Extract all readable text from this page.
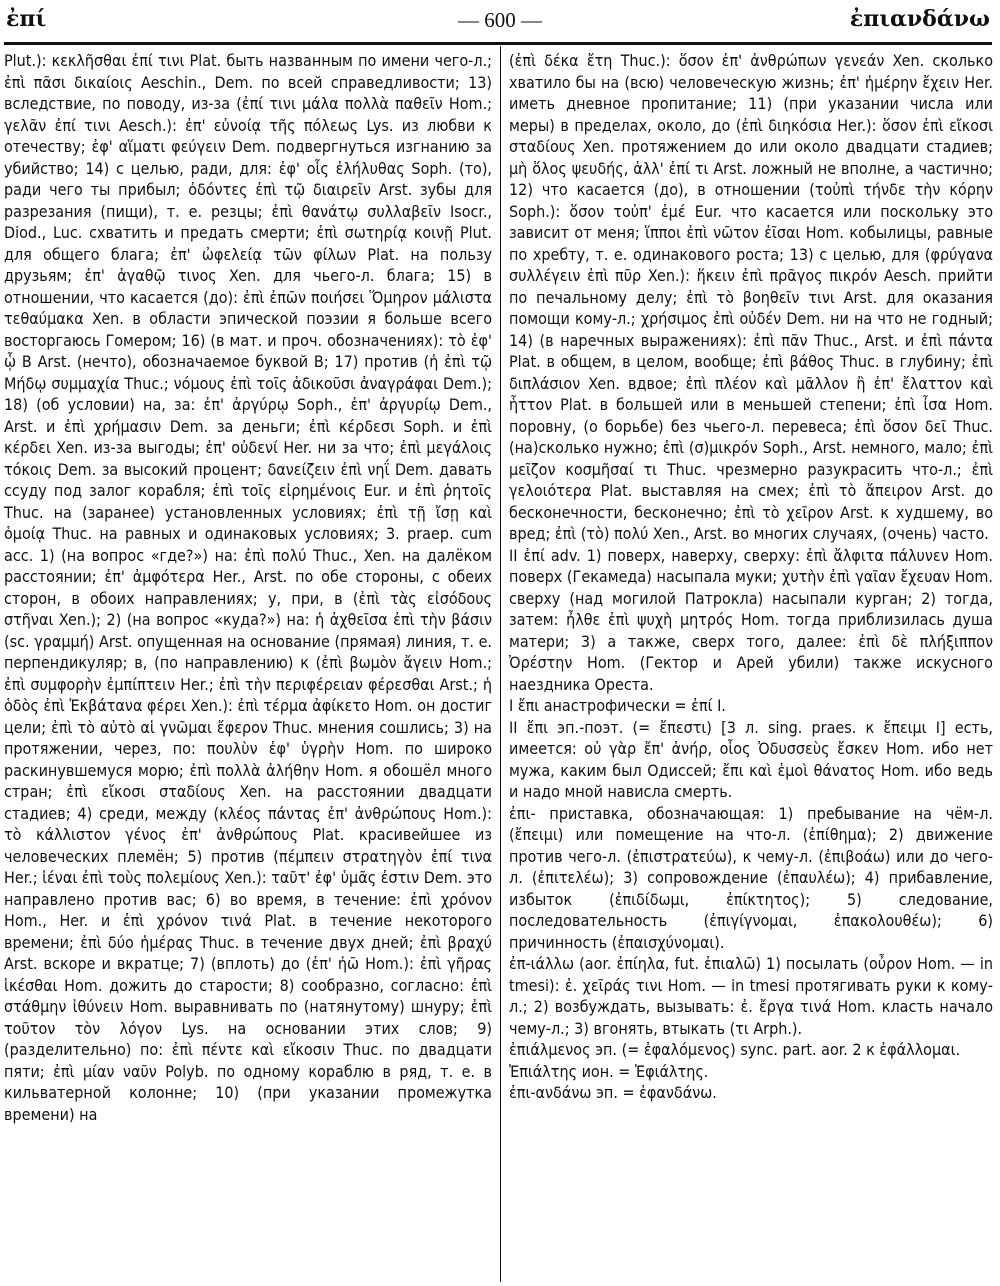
ἐπί	— 600 —	ἐπιανδάνω

Plut.): κεκλῆσθαι ἐπί τινι Plat. быть названным по имени чего-л.; ἐπὶ πᾶσι δικαίοις Aeschin., Dem. по всей справедливости; 13) вследствие, по поводу, из-за (ἐπί τινι μάλα πολλὰ παθεῖν Hom.; γελᾶν ἐπί τινι Aesch.): ἐπ' εὐνοίᾳ τῆς πόλεως Lys. из любви к отечеству; ἐφ' αἵματι φεύγειν Dem. подвергнуться изгнанию за убийство; 14) с целью, ради, для: ἐφ' οἷς ἐλήλυθας Soph. (то), ради чего ты прибыл; ὀδόντες ἐπὶ τῷ διαιρεῖν Arst. зубы для разрезания (пищи), т. е. резцы; ἐπὶ θανάτῳ συλλαβεῖν Isocr., Diod., Luc. схватить и предать смерти; ἐπὶ σωτηρίᾳ κοινῇ Plut. для общего блага; ἐπ' ὠφελείᾳ τῶν φίλων Plat. на пользу друзьям; ἐπ' ἀγαθῷ τινος Xen. для чьего-л. блага; 15) в отношении, что касается (до): ἐπὶ ἐπῶν ποιήσει Ὅμηρον μάλιστα τεθαύμακα Xen. в области эпической поэзии я больше всего восторгаюсь Гомером; 16) (в мат. и проч. обозначениях): τὸ ἐφ' ᾧ Β Arst. (нечто), обозначаемое буквой В; 17) против (ἡ ἐπὶ τῷ Μήδῳ συμμαχία Thuc.; νόμους ἐπὶ τοῖς ἀδικοῦσι ἀναγράφαι Dem.); 18) (об условии) на, за: ἐπ' ἀργύρῳ Soph., ἐπ' ἀργυρίῳ Dem., Arst. и ἐπὶ χρήμασιν Dem. за деньги; ἐπὶ κέρδεσι Soph. и ἐπὶ κέρδει Xen. из-за выгоды; ἐπ' οὐδενί Her. ни за что; ἐπὶ μεγάλοις τόκοις Dem. за высокий процент; δανείζειν ἐπὶ νηΐ Dem. давать ссуду под залог корабля; ἐπὶ τοῖς εἰρημένοις Eur. и ἐπὶ ῥητοῖς Thuc. на (заранее) установленных условиях; ἐπὶ τῇ ἴσῃ καὶ ὁμοίᾳ Thuc. на равных и одинаковых условиях; 3. praep. cum acc. 1) (на вопрос «где?») на: ἐπὶ πολύ Thuc., Xen. на далёком расстоянии; ἐπ' ἀμφότερα Her., Arst. по обе стороны, с обеих сторон, в обоих направлениях; у, при, в (ἐπὶ τὰς εἰσόδους στῆναι Xen.); 2) (на вопрос «куда?») на: ἡ ἀχθεῖσα ἐπὶ τὴν βάσιν (sc. γραμμή) Arst. опущенная на основание (прямая) линия, т. е. перпендикуляр; в, (по направлению) к (ἐπὶ βωμὸν ἄγειν Hom.; ἐπὶ συμφορὴν ἐμπίπτειν Her.; ἐπὶ τὴν περιφέρειαν φέρεσθαι Arst.; ἡ ὁδὸς ἐπὶ Ἐκβάτανα φέρει Xen.): ἐπὶ τέρμα ἀφίκετο Hom. он достиг цели; ἐπὶ τὸ αὐτὸ αἱ γνῶμαι ἔφερον Thuc. мнения сошлись; 3) на протяжении, через, по: πουλὺν ἐφ' ὑγρὴν Hom. по широко раскинувшемуся морю; ἐπὶ πολλὰ ἀλήθην Hom. я обошёл много стран; ἐπὶ εἴκοσι σταδίους Xen. на расстоянии двадцати стадиев; 4) среди, между (κλέος πάντας ἐπ' ἀνθρώπους Hom.): τὸ κάλλιστον γένος ἐπ' ἀνθρώπους Plat. красивейшее из человеческих племён; 5) против (πέμπειν στρατηγὸν ἐπί τινα Her.; ἰέναι ἐπὶ τοὺς πολεμίους Xen.): ταῦτ' ἐφ' ὑμᾶς ἐστιν Dem. это направлено против вас; 6) во время, в течение: ἐπὶ χρόνον Hom., Her. и ἐπὶ χρόνον τινά Plat. в течение некоторого времени; ἐπὶ δύο ἡμέρας Thuc. в течение двух дней; ἐπὶ βραχύ Arst. вскоре и вкратце; 7) (вплоть) до (ἐπ' ἠῶ Hom.): ἐπὶ γῆρας ἱκέσθαι Hom. дожить до старости; 8) сообразно, согласно: ἐπὶ στάθμην ἰθύνειν Hom. выравнивать по (натянутому) шнуру; ἐπὶ τοῦτον τὸν λόγον Lys. на основании этих слов; 9) (разделительно) по: ἐπὶ πέντε καὶ εἴκοσιν Thuc. по двадцати пяти; ἐπὶ μίαν ναῦν Polyb. по одному кораблю в ряд, т. е. в кильватерной колонне; 10) (при указании промежутка времени) на

(ἐπὶ δέκα ἔτη Thuc.): ὅσον ἐπ' ἀνθρώπων γενεάν Xen. сколько хватило бы на (всю) человеческую жизнь; ἐπ' ἡμέρην ἔχειν Her. иметь дневное пропитание; 11) (при указании числа или меры) в пределах, около, до (ἐπὶ διηκόσια Her.): ὅσον ἐπὶ εἴκοσι σταδίους Xen. протяжением до или около двадцати стадиев; μὴ ὅλος ψευδής, ἀλλ' ἐπί τι Arst. ложный не вполне, а частично; 12) что касается (до), в отношении (τοὐπὶ τήνδε τὴν κόρην Soph.): ὅσον τοὐπ' ἐμέ Eur. что касается или поскольку это зависит от меня; ἵπποι ἐπὶ νῶτον ἐῖσαι Hom. кобылицы, равные по хребту, т. е. одинакового роста; 13) с целью, для (φρύγανα συλλέγειν ἐπὶ πῦρ Xen.): ἥκειν ἐπὶ πρᾶγος πικρόν Aesch. прийти по печальному делу; ἐπὶ τὸ βοηθεῖν τινι Arst. для оказания помощи кому-л.; χρήσιμος ἐπὶ οὐδέν Dem. ни на что не годный; 14) (в наречных выражениях): ἐπὶ πᾶν Thuc., Arst. и ἐπὶ πάντα Plat. в общем, в целом, вообще; ἐπὶ βάθος Thuc. в глубину; ἐπὶ διπλάσιον Xen. вдвое; ἐπὶ πλέον καὶ μᾶλλον ἢ ἐπ' ἔλαττον καὶ ἧττον Plat. в большей или в меньшей степени; ἐπὶ ἶσα Hom. поровну, (о борьбе) без чьего-л. перевеса; ἐπὶ ὅσον δεῖ Thuc. (на)сколько нужно; ἐπὶ (σ)μικρόν Soph., Arst. немного, мало; ἐπὶ μεῖζον κοσμῆσαί τι Thuc. чрезмерно разукрасить что-л.; ἐπὶ γελοιότερα Plat. выставляя на смех; ἐπὶ τὸ ἄπειρον Arst. до бесконечности, бесконечно; ἐπὶ τὸ χεῖρον Arst. к худшему, во вред; ἐπὶ (τὸ) πολύ Xen., Arst. во многих случаях, (очень) часто.

II ἐπί adv. 1) поверх, наверху, сверху: ἐπὶ ἄλφιτα πάλυνεν Hom. поверх (Гекамеда) насыпала муки; χυτὴν ἐπὶ γαῖαν ἔχευαν Hom. сверху (над могилой Патрокла) насыпали курган; 2) тогда, затем: ἦλθε ἐπὶ ψυχὴ μητρός Hom. тогда приблизилась душа матери; 3) а также, сверх того, далее: ἐπὶ δὲ πλήξιππον Ὀρέστην Hom. (Гектор и Арей убили) также искусного наездника Ореста.

I ἔπι анастрофически = ἐπί I.

II ἔπι эп.-поэт. (= ἔπεστι) [3 л. sing. praes. к ἔπειμι I] есть, имеется: οὐ γὰρ ἔπ' ἀνήρ, οἷος Ὀδυσσεὺς ἔσκεν Hom. ибо нет мужа, каким был Одиссей; ἔπι καὶ ἐμοὶ θάνατος Hom. ибо ведь и надо мной нависла смерть.

ἐπι- приставка, обозначающая: 1) пребывание на чём-л. (ἔπειμι) или помещение на что-л. (ἐπίθημα); 2) движение против чего-л. (ἐπιστρατεύω), к чему-л. (ἐπιβοάω) или до чего-л. (ἐπιτελέω); 3) сопровождение (ἐπαυλέω); 4) прибавление, избыток (ἐπιδίδωμι, ἐπίκτητος); 5) следование, последовательность (ἐπιγίγνομαι, ἐπακολουθέω); 6) причинность (ἐπαισχύνομαι).

ἐπ-ιάλλω (aor. ἐπίηλα, fut. ἐπιαλῶ) 1) посылать (οὖρον Hom. — in tmesi): ἐ. χεῖράς τινι Hom. — in tmesi протягивать руки к кому-л.; 2) возбуждать, вызывать: ἐ. ἔργα τινά Hom. класть начало чему-л.; 3) вгонять, втыкать (τι Arph.).

ἐπιάλμενος эп. (= ἐφαλόμενος) sync. part. aor. 2 к ἐφάλλομαι.

Ἐπιάλτης ион. = Ἐφιάλτης.

ἐπι-ανδάνω эп. = ἐφανδάνω.
